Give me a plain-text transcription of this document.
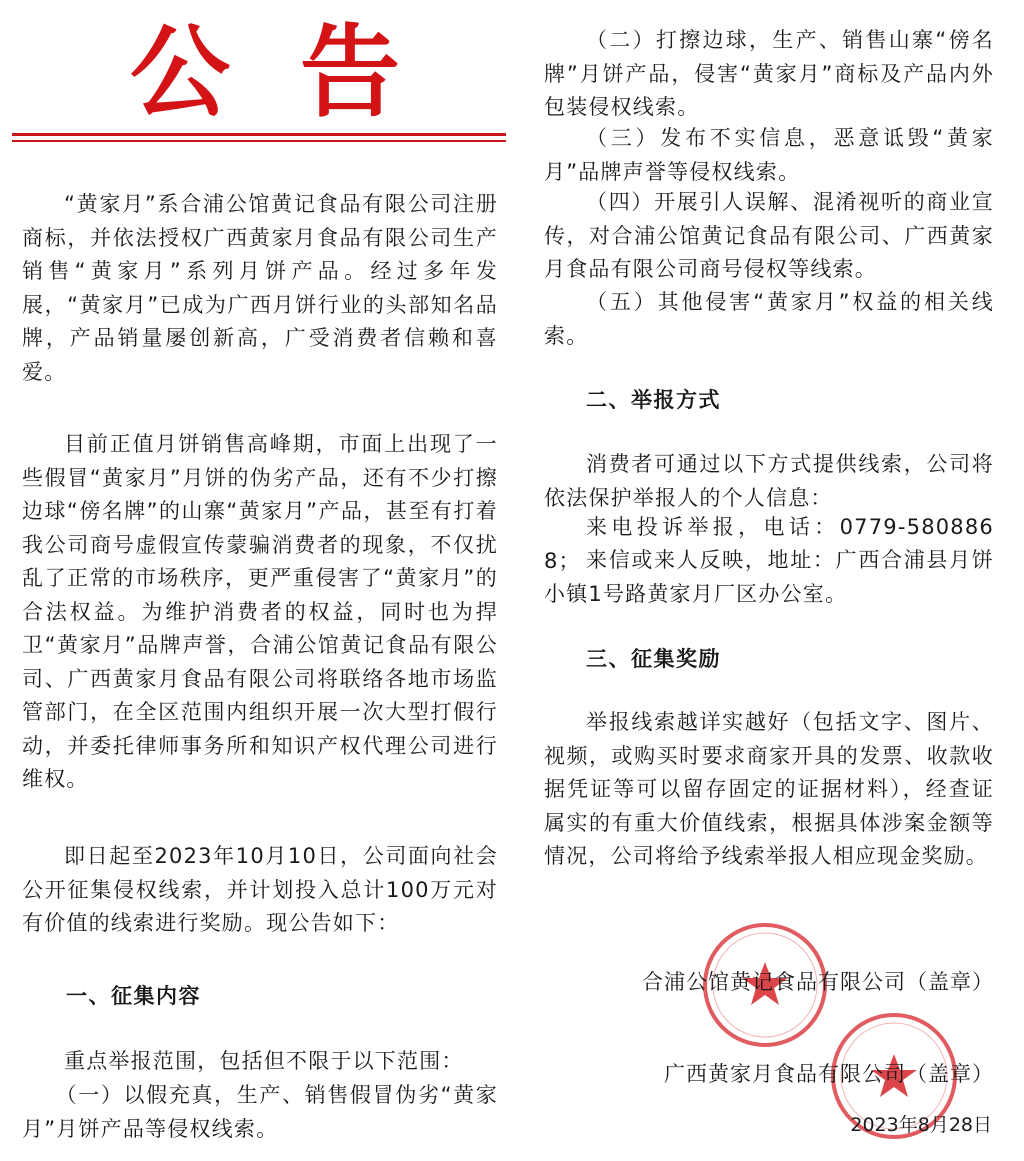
公 告
“黄家月”系合浦公馆黄记食品有限公司注册商标，并依法授权广西黄家月食品有限公司生产销售“黄家月”系列月饼产品。经过多年发展，“黄家月”已成为广西月饼行业的头部知名品牌，产品销量屡创新高，广受消费者信赖和喜爱。
目前正值月饼销售高峰期，市面上出现了一些假冒“黄家月”月饼的伪劣产品，还有不少打擦边球“傍名牌”的山寨“黄家月”产品，甚至有打着我公司商号虚假宣传蒙骗消费者的现象，不仅扰乱了正常的市场秩序，更严重侵害了“黄家月”的合法权益。为维护消费者的权益，同时也为捍卫“黄家月”品牌声誉，合浦公馆黄记食品有限公司、广西黄家月食品有限公司将联络各地市场监管部门，在全区范围内组织开展一次大型打假行动，并委托律师事务所和知识产权代理公司进行维权。
即日起至2023年10月10日，公司面向社会公开征集侵权线索，并计划投入总计100万元对有价值的线索进行奖励。现公告如下：
一、征集内容
重点举报范围，包括但不限于以下范围：
（一）以假充真，生产、销售假冒伪劣“黄家月”月饼产品等侵权线索。
（二）打擦边球，生产、销售山寨“傍名牌”月饼产品，侵害“黄家月”商标及产品内外包装侵权线索。
（三）发布不实信息，恶意诋毁“黄家月”品牌声誉等侵权线索。
（四）开展引人误解、混淆视听的商业宣传，对合浦公馆黄记食品有限公司、广西黄家月食品有限公司商号侵权等线索。
（五）其他侵害“黄家月”权益的相关线索。
二、举报方式
消费者可通过以下方式提供线索，公司将依法保护举报人的个人信息：
来电投诉举报，电话：0779-5808868； 来信或来人反映，地址：广西合浦县月饼小镇1号路黄家月厂区办公室。
三、征集奖励
举报线索越详实越好（包括文字、图片、视频，或购买时要求商家开具的发票、收款收据凭证等可以留存固定的证据材料），经查证属实的有重大价值线索，根据具体涉案金额等情况，公司将给予线索举报人相应现金奖励。
合浦公馆黄记食品有限公司（盖章）
广西黄家月食品有限公司（盖章）
2023年8月28日
